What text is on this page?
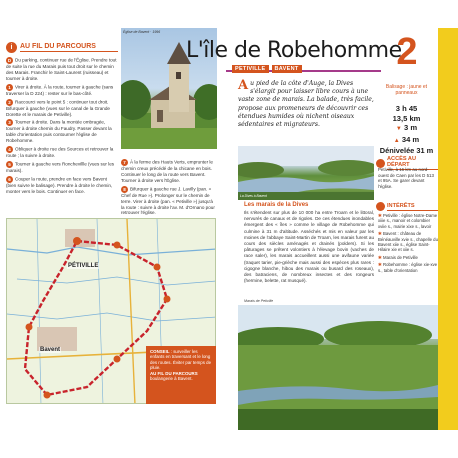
i	AU FIL DU PARCOURS

D Du parking, continuer rue de l'Église. Prendre tout de suite la rue du Marais puis tout droit sur le chemin des Marais. Franchir le Saint-Laurent (ruisseau) et tourner à droite.

1 Virer à droite. À la route, tourner à gauche (sans traverser la D 224) : rester sur le bas-côté.

2 Raccourci vers le point 5 : continuer tout droit. Bifurquer à gauche (vues sur le canal de la Grande Dorette et le marais de Petiville).

3 Tourner à droite. Dans la montée ombragée, tourner à droite chemin du Faudry. Passer devant la table d'orientation puis contourner l'église de Robehomme.

4 Obliquer à droite rue des Sources et retrouver la route ; la suivre à droite.

5 Tourner à gauche vers Ronchevillle (vues sur les marais).

6 Couper la route, prendre en face vers Bavent (bien suivre le balisage). Prendre à droite le chemin, monter vers le bois. Continuer en face.

Église de Bavent · 1996

7 À la ferme des Hauts Verts, emprunter le chemin creux précédé de la chicane en bois. Continuer le long de la route vers Bavent. Tourner à droite vers l'Église.

8 Bifurquer à gauche rue J. Lavilly (pan. « Chef de Rue »). Prolonger sur le chemin de terre. Virer à droite (pan. « Petiville ») jusqu'à la route : suivre à droite l'av. M. d'Ornano pour retrouver l'église.

PÉTIVILLE
Bavent	CONSEIL : surveiller les enfants en traversant et le long des routes. Éviter par temps de pluie.
AU FIL DU PARCOURS boulangerie à Bavent.
L'île de Robehomme
PETIVILLE	BAVENT	2
Au pied de la côte d'Auge, la Dives s'élargit pour laisser libre cours à une vaste zone de marais. La balade, très facile, propose aux promeneurs de découvrir ces étendues humides où nichent oiseaux sédentaires et migrateurs.
La Dives à Bavent
Les marais de la Dives
Ils s'étendent sur plus de 10 000 ha entre Troarn et le littoral, nervurés de canaux et de rigoles. De ces étendues inondables émergent des « îles » comme le village de Robehomme qui culmine à 31 m d'altitude. Asséchés et mis en valeur par les moines de l'abbaye Saint-Martin de Troarn, les marais furent au cours des siècles aménagés et drainés (polders). Si les pâturages se prêtent volontiers à l'élevage bovin (vaches de race saler), les marais accueillent aussi une avifaune variée (traquet tarier, pie-grièche mais aussi des espèces plus rares : cigogne blanche, hibou des marais ou busard des roseaux), des batraciens, de nombreux insectes et des rongeurs (hermine, belette, rat musqué).
Marais de Petiville
Balisage : jaune et panneaux
3 h 45
13,5 km
▼ 3 m
▲ 34 m
Dénivelée 31 m
ACCÈS AU DÉPART
Petiville, à 16 km au nord-ouest de Caen par les D 513 et 95A. Se garer devant l'église.
INTÉRÊTS

✱ Petiville : église Notre-Dame xiiie s., manoir et colombier xviie s., mairie xixe s., lavoir

✱ Bavent : château de Bénéauville xvie s., chapelle du Bavent xiie s., église Saint-Hilaire xie et xiie s.

✱ Marais de Petiville

✱ Robehomme : église xie-xve s., table d'orientation
